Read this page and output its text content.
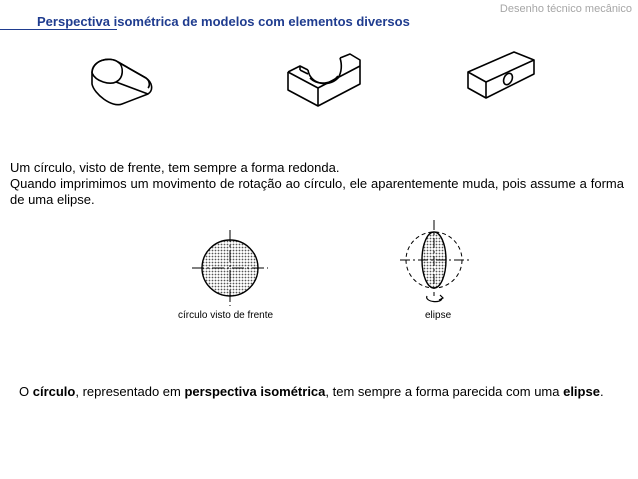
Desenho técnico mecânico
Perspectiva isométrica de modelos com elementos diversos
Um círculo, visto de frente, tem sempre a forma redonda.
Quando imprimimos um movimento de rotação ao círculo, ele aparentemente muda, pois assume a forma de uma elipse.
círculo visto de frente	elipse
O círculo, representado em perspectiva isométrica, tem sempre a forma parecida com uma elipse.
